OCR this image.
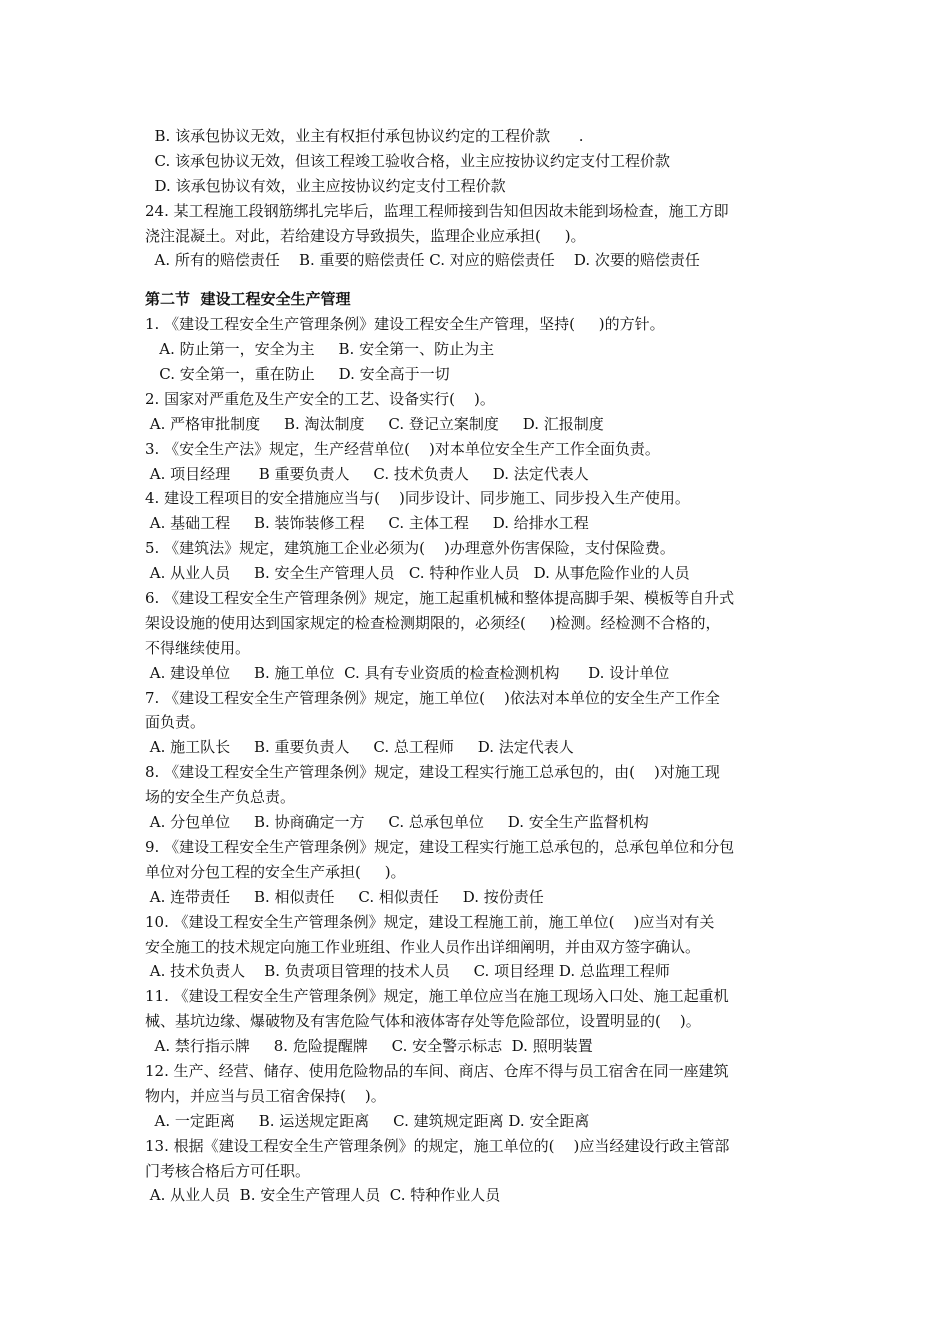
B. 该承包协议无效，业主有权拒付承包协议约定的工程价款      .
C. 该承包协议无效，但该工程竣工验收合格，业主应按协议约定支付工程价款
D. 该承包协议有效，业主应按协议约定支付工程价款
24. 某工程施工段钢筋绑扎完毕后，监理工程师接到告知但因故未能到场检查，施工方即
浇注混凝土。对此，若给建设方导致损失，监理企业应承担(     )。
A. 所有的赔偿责任    B. 重要的赔偿责任 C. 对应的赔偿责任    D. 次要的赔偿责任
第二节  建设工程安全生产管理
1. 《建设工程安全生产管理条例》建设工程安全生产管理，坚持(     )的方针。
A. 防止第一，安全为主     B. 安全第一、防止为主
C. 安全第一，重在防止     D. 安全高于一切
2. 国家对严重危及生产安全的工艺、设备实行(    )。
A. 严格审批制度     B. 淘汰制度     C. 登记立案制度     D. 汇报制度
3. 《安全生产法》规定，生产经营单位(    )对本单位安全生产工作全面负责。
A. 项目经理      B 重要负责人     C. 技术负责人     D. 法定代表人
4. 建设工程项目的安全措施应当与(    )同步设计、同步施工、同步投入生产使用。
A. 基础工程     B. 装饰装修工程     C. 主体工程     D. 给排水工程
5. 《建筑法》规定，建筑施工企业必须为(    )办理意外伤害保险，支付保险费。
A. 从业人员     B. 安全生产管理人员   C. 特种作业人员   D. 从事危险作业的人员
6. 《建设工程安全生产管理条例》规定，施工起重机械和整体提高脚手架、模板等自升式
架设设施的使用达到国家规定的检查检测期限的，必须经(     )检测。经检测不合格的，
不得继续使用。
A. 建设单位     B. 施工单位  C. 具有专业资质的检查检测机构      D. 设计单位
7. 《建设工程安全生产管理条例》规定，施工单位(    )依法对本单位的安全生产工作全
面负责。
A. 施工队长     B. 重要负责人     C. 总工程师     D. 法定代表人
8. 《建设工程安全生产管理条例》规定，建设工程实行施工总承包的，由(    )对施工现
场的安全生产负总责。
A. 分包单位     B. 协商确定一方     C. 总承包单位     D. 安全生产监督机构
9. 《建设工程安全生产管理条例》规定，建设工程实行施工总承包的，总承包单位和分包
单位对分包工程的安全生产承担(     )。
A. 连带责任     B. 相似责任     C. 相似责任     D. 按份责任
10. 《建设工程安全生产管理条例》规定，建设工程施工前，施工单位(    )应当对有关
安全施工的技术规定向施工作业班组、作业人员作出详细阐明，并由双方签字确认。
A. 技术负责人    B. 负责项目管理的技术人员     C. 项目经理 D. 总监理工程师
11. 《建设工程安全生产管理条例》规定，施工单位应当在施工现场入口处、施工起重机
械、基坑边缘、爆破物及有害危险气体和液体寄存处等危险部位，设置明显的(    )。
A. 禁行指示牌     8. 危险提醒牌     C. 安全警示标志  D. 照明装置
12. 生产、经营、储存、使用危险物品的车间、商店、仓库不得与员工宿舍在同一座建筑
物内，并应当与员工宿舍保持(    )。
A. 一定距离     B. 运送规定距离     C. 建筑规定距离 D. 安全距离
13. 根据《建设工程安全生产管理条例》的规定，施工单位的(    )应当经建设行政主管部
门考核合格后方可任职。
A. 从业人员  B. 安全生产管理人员  C. 特种作业人员
